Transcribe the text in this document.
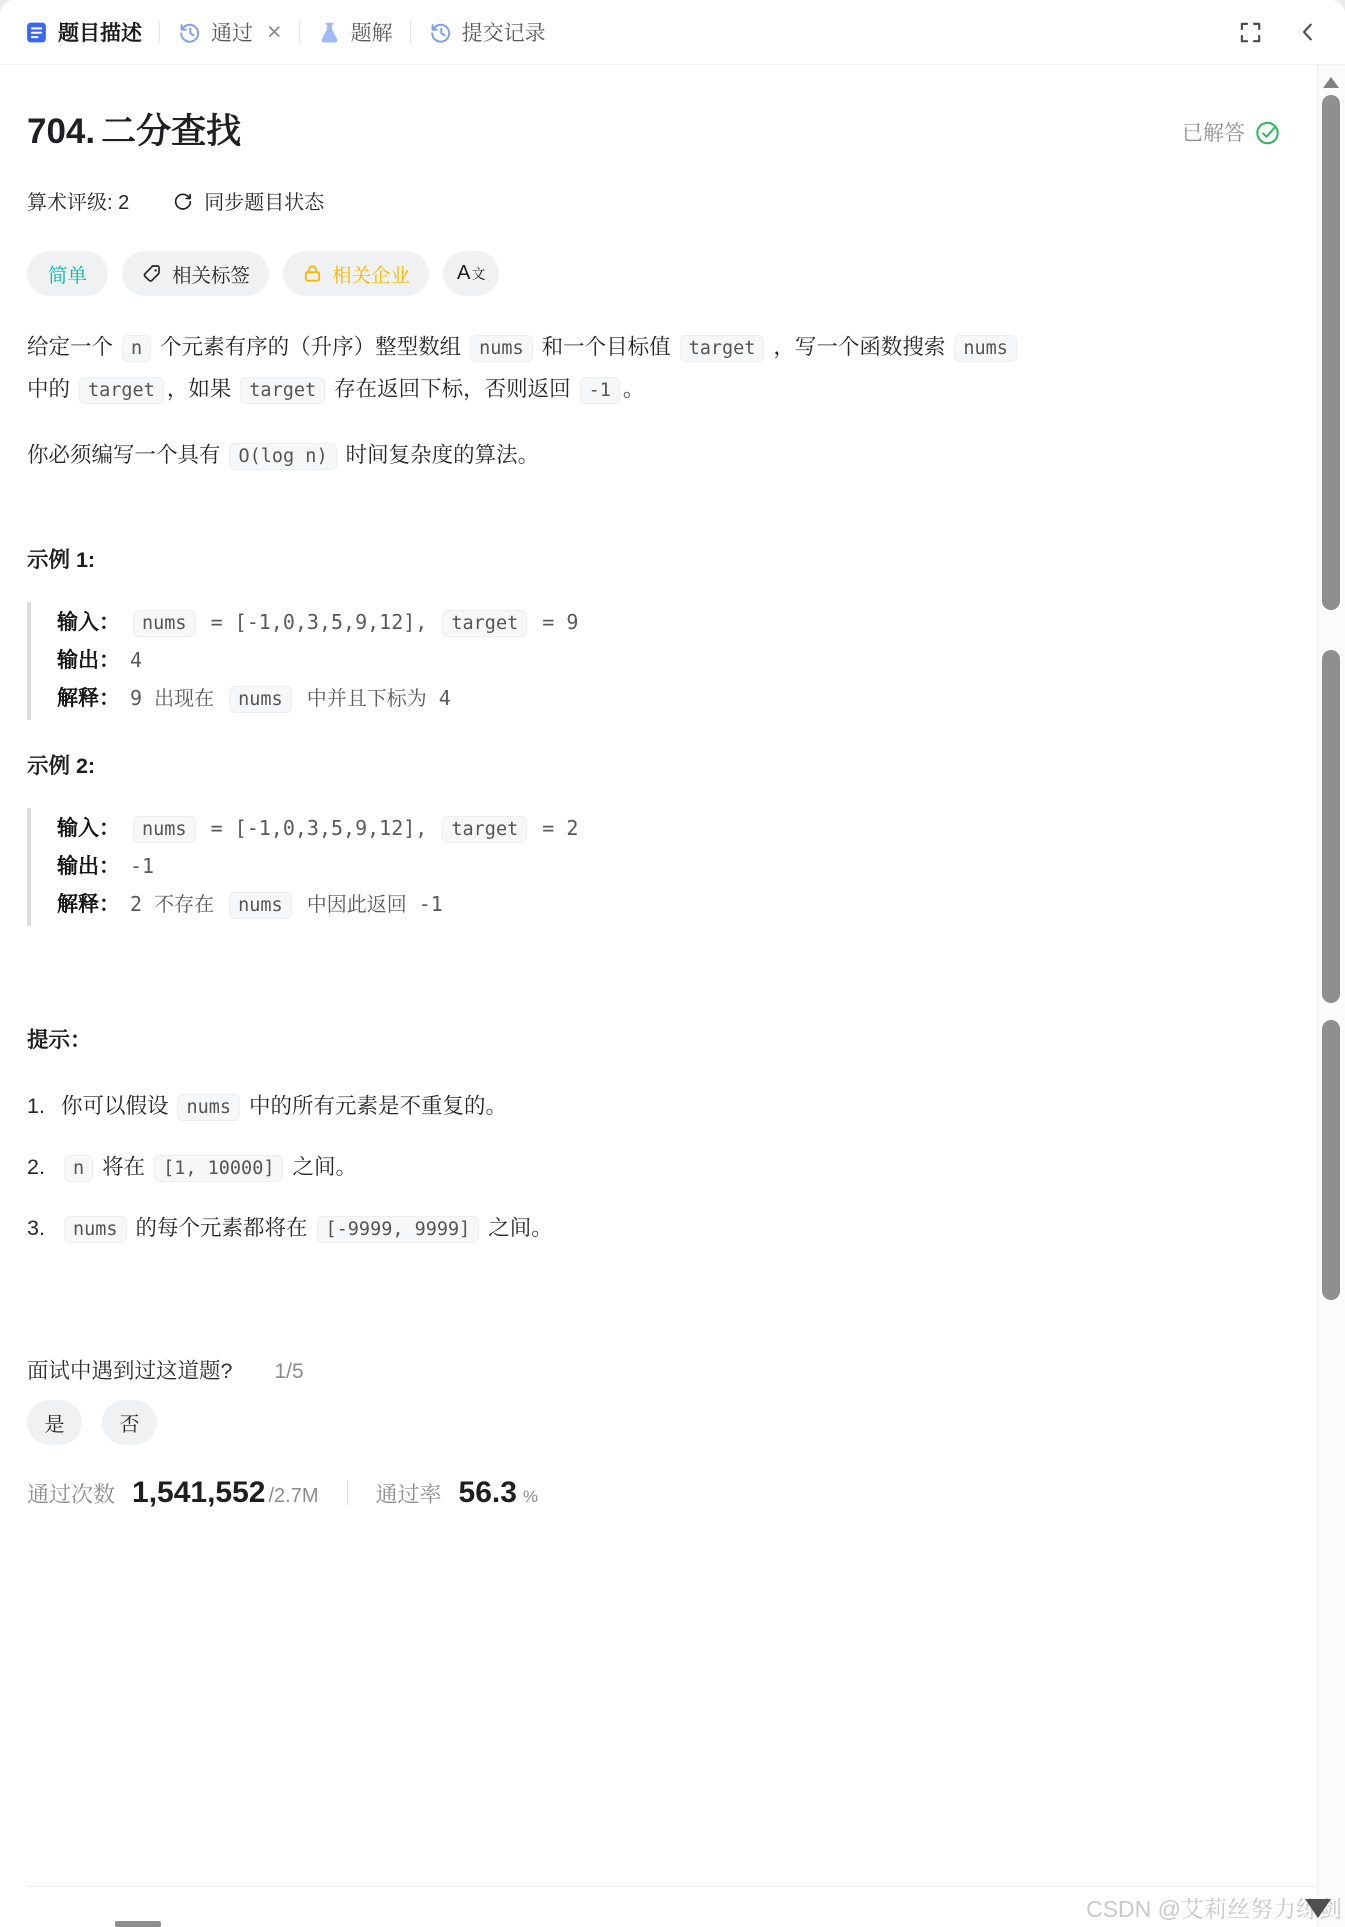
题目描述	通过 ×	题解	提交记录
704. 二分查找	已解答
算术评级: 2	同步题目状态
简单	相关标签	相关企业 A文

给定一个 n 个元素有序的（升序）整型数组 nums 和一个目标值 target ，写一个函数搜索 nums 中的 target ，如果 target 存在返回下标，否则返回 -1 。

你必须编写一个具有 O(log n) 时间复杂度的算法。

示例 1:
输入： nums = [-1,0,3,5,9,12], target = 9
输出： 4
解释： 9 出现在 nums 中并且下标为 4
示例 2:
输入： nums = [-1,0,3,5,9,12], target = 2
输出： -1
解释： 2 不存在 nums 中因此返回 -1
提示：
1. 你可以假设 nums 中的所有元素是不重复的。
2.	n 将在 [1, 10000] 之间。
3.	nums 的每个元素都将在 [-9999, 9999] 之间。
面试中遇到过这道题? 1/5
是	否
通过次数 1,541,552 /2.7M	通过率 56.3 %
CSDN @艾莉丝努力练剑
